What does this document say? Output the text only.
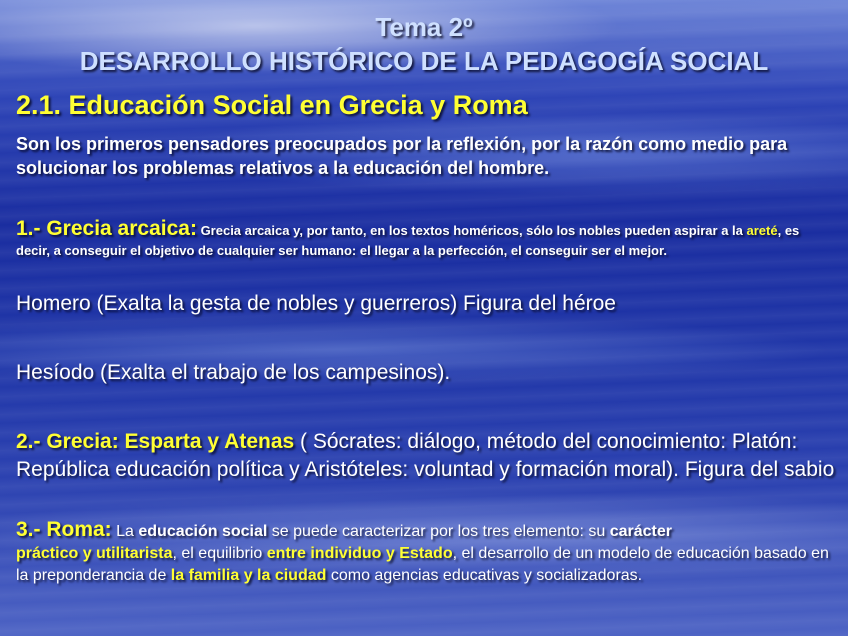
Tema 2º
DESARROLLO HISTÓRICO DE LA PEDAGOGÍA SOCIAL
2.1. Educación Social en Grecia y Roma
Son los primeros pensadores preocupados por la reflexión, por la razón como medio para solucionar los problemas relativos a la educación del hombre.
1.- Grecia arcaica: Grecia arcaica y, por tanto, en los textos homéricos, sólo los nobles pueden aspirar a la areté, es decir, a conseguir el objetivo de cualquier ser humano: el llegar a la perfección, el conseguir ser el mejor.
Homero (Exalta la gesta de nobles y guerreros) Figura del héroe
Hesíodo (Exalta el trabajo de los campesinos).
2.- Grecia: Esparta y Atenas ( Sócrates: diálogo, método del conocimiento: Platón: República educación política y Aristóteles: voluntad y formación moral). Figura del sabio
3.- Roma: La educación social se puede caracterizar por los tres elemento: su carácter
práctico y utilitarista, el equilibrio entre individuo y Estado, el desarrollo de un modelo de educación basado en la preponderancia de la familia y la ciudad como agencias educativas y socializadoras.
